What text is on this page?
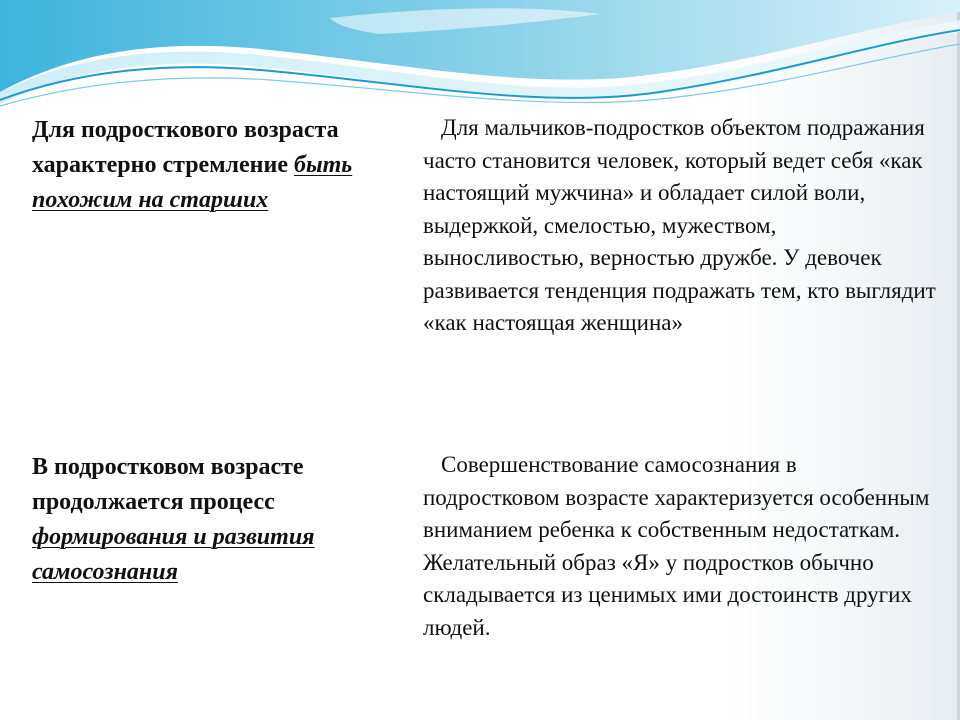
Для подросткового возраста характерно стремление быть похожим на старших

Для мальчиков-подростков объектом подражания часто становится человек, который ведет себя «как настоящий мужчина» и обладает силой воли, выдержкой, смелостью, мужеством, выносливостью, верностью дружбе. У девочек развивается тенденция подражать тем, кто выглядит «как настоящая женщина»

В подростковом возрасте продолжается процесс формирования и развития самосознания

Совершенствование самосознания в подростковом возрасте характеризуется особенным вниманием ребенка к собственным недостаткам. Желательный образ «Я» у подростков обычно складывается из ценимых ими достоинств других людей.
